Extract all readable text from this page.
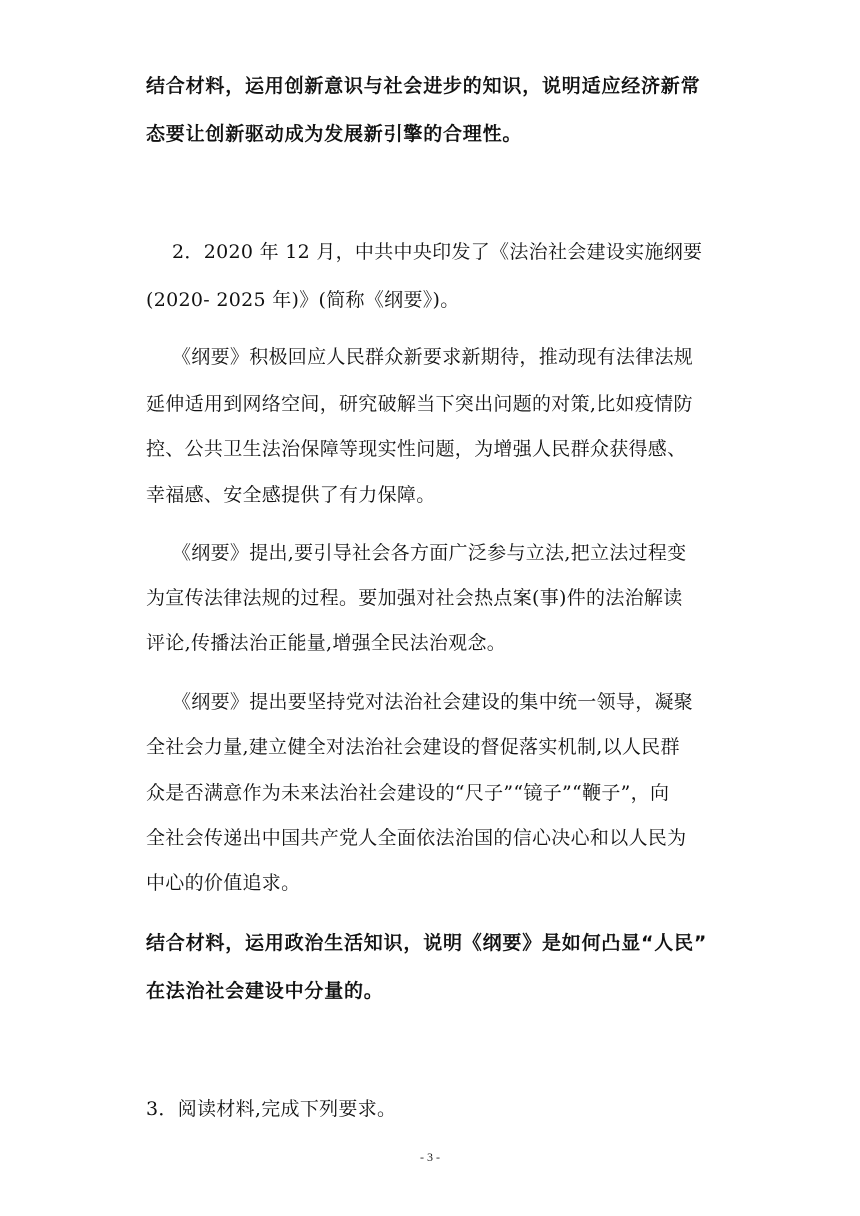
结合材料，运用创新意识与社会进步的知识，说明适应经济新常
态要让创新驱动成为发展新引擎的合理性。
2．2020 年 12 月，中共中央印发了《法治社会建设实施纲要
(2020- 2025 年)》(简称《纲要》)。
《纲要》积极回应人民群众新要求新期待，推动现有法律法规
延伸适用到网络空间，研究破解当下突出问题的对策,比如疫情防
控、公共卫生法治保障等现实性问题，为增强人民群众获得感、
幸福感、安全感提供了有力保障。
《纲要》提出,要引导社会各方面广泛参与立法,把立法过程变
为宣传法律法规的过程。要加强对社会热点案(事)件的法治解读
评论,传播法治正能量,增强全民法治观念。
《纲要》提出要坚持党对法治社会建设的集中统一领导，凝聚
全社会力量,建立健全对法治社会建设的督促落实机制,以人民群
众是否满意作为未来法治社会建设的“尺子”“镜子”“鞭子”，向
全社会传递出中国共产党人全面依法治国的信心决心和以人民为
中心的价值追求。
结合材料，运用政治生活知识，说明《纲要》是如何凸显“人民”
在法治社会建设中分量的。
3．阅读材料,完成下列要求。
- 3 -
